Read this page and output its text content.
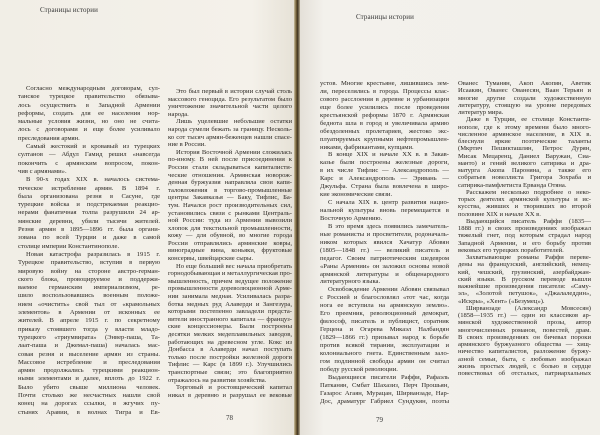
Страницы истории
Согласно международным договорам, сул-
танское турецкое правительство обязыва-
лось осуществить в Западной Армении
реформы, создать для ее населения нор-
мальные условия жизни, но оно не счита-
лось с договорами и еще более усиливало
преследования армян.
Самый жестокий и кровавый из турецких
султанов — Абдул Гамид решил «навсегда
покончить с армянским вопросом, покон-
чив с армянами».
В 90-х годах XIX в. началось система-
тическое истребление армян. В 1894 г.
была организована резня в Сасуне, где
турецкие войска и подстрекаемая реакцио-
нерами фанатичная толпа разрушили 24 ар-
мянские деревни, убили тысячи жителей.
Резня армян в 1895—1896 гг. была органи-
зована по всей Турции и даже в самой
столице империи Константинополе.
Новая катастрофа разразилась в 1915 г.
Турецкое правительство, вступив в первую
мировую войну на стороне австро-герман-
ского блока, провоцируемое и поддержи-
ваемое германским империализмом, ре-
шило воспользовавшись военным положе-
нием «очистить» свой тыл от «крамольных
элементов» в Армении от исконных ее
жителей. В апреле 1915 г. по секретному
приказу стоявшего тогда у власти младо-
турецкого «триумвирата» (Энвер-паша, Та-
лаат-паша и Джемал-паша) началась мас-
совая резня и выселение армян из страны.
Массовое истребление и преследования
армян продолжались турецкими реакцион-
ными элементами и далее, вплоть до 1922 г.
Было убито свыше миллиона человек.
Почти столько же несчастных нашли свой
конец на дорогах ссылки, в жгучих пу-
стынях Аравии, в волнах Тигра и Ев-
Это был первый в истории случай столь
массового геноцида. Его результатом было
уничтожение значительной части целого
народа.
Лишь уцелевшие небольшие остатки
народа сумели бежать за границу. Несколь-
ко сот тысяч армян-беженцев нашли спасе-
ние в России.
История Восточной Армении сложилась
по-иному. В ней после присоединения к
России стали складываться капиталисти-
ческие отношения. Армянская новорож-
денная буржуазия направляла свои капи-
таловложения в торгово-промышленные
центры Закавказья — Баку, Тифлис, Ба-
тум. Начался рост производительных сил,
установились связи с рынками Централь-
ной России: туда из Армении вывозили
хлопок для текстильной промышленности,
кожу — для обувной, во многие города
России отправлялись армянские ковры,
виноградные вина, коньяки, фруктовые
консервы, швейцарские сыры.
Но еще больший вес начала приобретать
горнодобывающая и металлургическая про-
мышленность, причем ведущее положение
промышленности дореволюционной Арме-
нии занимала медная. Усиливалась разра-
ботка медных руд Алаверди и Зангезура,
которыми постепенно завладели предста-
вители иностранного капитала — француз-
ские концессионеры. Были построены
десятки мелких медеплавильных заводов,
работающих на древесном угле. Кокс из
Донбасса в Алаверди начал поступать
только после постройки железной дороги
Тифлис — Карс (в 1899 г.). Улучшились
транспортные связи; это благоприятно
отражалось на развитии хозяйства.
Торговый и ростовщический капитал
никал в деревню и разрушал ее вековые
78
Страницы истории
устов. Многие крестьяне, лишившись зем-
ли, переселялись в города. Процессы клас-
сового расслоения в деревне и урбанизации
еще более усилились после проведения
крестьянской реформы 1870 г. Армянская
беднота шла в город и увеличивала армию
обездоленных пролетариев, жестоко экс-
плуатируемых крупными нефтепромышлен-
никами, фабрикантами, купцами.
В конце XIX и начале XX в. в Закав-
казье были построены железные дороги,
в их числе Тифлис — Александрополь —
Карс и Александрополь — Эривань —
Джульфа. Страна была вовлечена в широ-
кие экономические связи.
С начала XIX в. центр развития нацио-
нальной культуры вновь перемещается в
Восточную Армению.
В это время здесь появились замечатель-
ные романисты и просветители, родоначаль-
ником которых явился Хачатур Абовян
(1805—1848 гг.) — великий писатель и
педагог. Своим патриотическим шедевром
«Раны Армении» он заложил основы новой
армянской литературы и общенародного
литературного языка.
Освобождение Армении Абовян связывал
с Россией и благословлял «тот час, когда
нога ее вступила на армянскую землю».
Его преемник, революционный демократ,
философ, писатель и публицист, соратник
Герцена и Огарева Микаэл Налбандян
(1829—1866 гг.) призывал народ к борьбе
против всякой тирании, эксплуатации и
колониального гнета. Единственным зало-
гом подлинной свободы армян он считал
победу русской революции.
Выдающиеся писатели Раффи, Рафаэль
Патканян, Смбат Шахазиз, Перч Прошьян,
Газарос Агаян, Мурацан, Ширванзаде, Нар-
Дос, драматург Габриел Сундукян, поэты
Ованес Туманян, Акоп Акопян, Аветик
Исаакян, Ованес Ованесян, Ваан Терьян и
многие другие создали художественную
литературу, стоящую на уровне передовых
литератур мира.
Даже в Турции, ее столице Константи-
нополе, где к этому времени было много-
численное армянское население, в XIX в.
блеснули яркие поэтические таланты
(Мкртич Пешикташлян, Петрос Дурян,
Мисак Мецаренц, Даниел Варужан, Сиа-
манто) и гений великого сатирика и дра-
матурга Акопа Пароняна, а также его
собратьев новеллиста Григора Зохраба и
сатирика-памфлетиста Ерванда Отяна.
Расскажем несколько подробнее о неко-
торых деятелях армянской культуры и ис-
кусства, живших и творивших во второй
половине XIX и начале XX в.
Выдающийся писатель Раффи (1835—
1888 гг.) в своих произведениях изображал
тяжелый гнет, под которым страдал народ
Западной Армении, и его борьбу против
вековых его турецких поработителей.
Захватывающие романы Раффи переве-
дены на французский, английский, немец-
кий, чешский, грузинский, азербайджан-
ский языки. В русском переводе вышли
важнейшие произведения писателя: «Саму-
эл», «Золотой петушок», «Джалаледдин»,
«Искры», «Хент» («Безумец»).
Ширванзаде (Александр Мовсесян)
(1858—1935 гг.) — один из классиков ар-
мянской художественной прозы, автор
многочисленных романов, повестей, драм.
В своих произведениях он бичевал пороки
армянского буржуазного общества — хищ-
ничество капиталистов, разложение буржу-
азной семьи, быта, с любовью изображал
жизнь простых людей, с болью в сердце
повествовал об отсталых, патриархальных
79
